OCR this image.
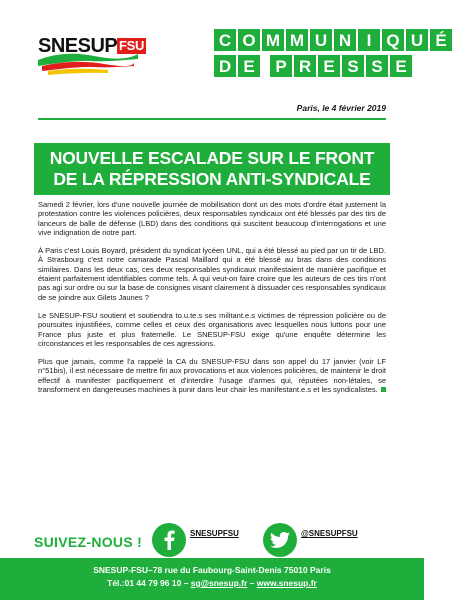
SNESUP FSU	C O M M U N I Q U É
D E	P R E S S E
Paris, le 4 février 2019
NOUVELLE ESCALADE SUR LE FRONT
DE LA RÉPRESSION ANTI-SYNDICALE

Samedi 2 février, lors d'une nouvelle journée de mobilisation dont un des mots d'ordre était justement la protestation contre les violences policières, deux responsables syndicaux ont été blessés par des tirs de lanceurs de balle de défense (LBD) dans des conditions qui suscitent beaucoup d'interrogations et une vive indignation de notre part.

À Paris c'est Louis Boyard, président du syndicat lycéen UNL, qui a été blessé au pied par un tir de LBD. À Strasbourg c'est notre camarade Pascal Maillard qui a été blessé au bras dans des conditions similaires. Dans les deux cas, ces deux responsables syndicaux manifestaient de manière pacifique et étaient parfaitement identifiables comme tels. À qui veut-on faire croire que les auteurs de ces tirs n'ont pas agi sur ordre ou sur la base de consignes visant clairement à dissuader ces responsables syndicaux de se joindre aux Gilets Jaunes ?

Le SNESUP-FSU soutient et soutiendra to.u.te.s ses militant.e.s victimes de répression policière ou de poursuites injustifiées, comme celles et ceux des organisations avec lesquelles nous luttons pour une France plus juste et plus fraternelle. Le SNESUP-FSU exige qu'une enquête détermine les circonstances et les responsables de ces agressions.

Plus que jamais, comme l'a rappelé la CA du SNESUP-FSU dans son appel du 17 janvier (voir LF n°51bis), il est nécessaire de mettre fin aux provocations et aux violences policières, de maintenir le droit effectif à manifester pacifiquement et d'interdire l'usage d'armes qui, réputées non-létales, se transforment en dangereuses machines à punir dans leur chair les manifestant.e.s et les syndicalistes.

SUIVEZ-NOUS !
SNESUPFSU	@SNESUPFSU
SNESUP-FSU–78 rue du Faubourg-Saint-Denis 75010 Paris
Tél.:01 44 79 96 10 – sg@snesup.fr – www.snesup.fr
